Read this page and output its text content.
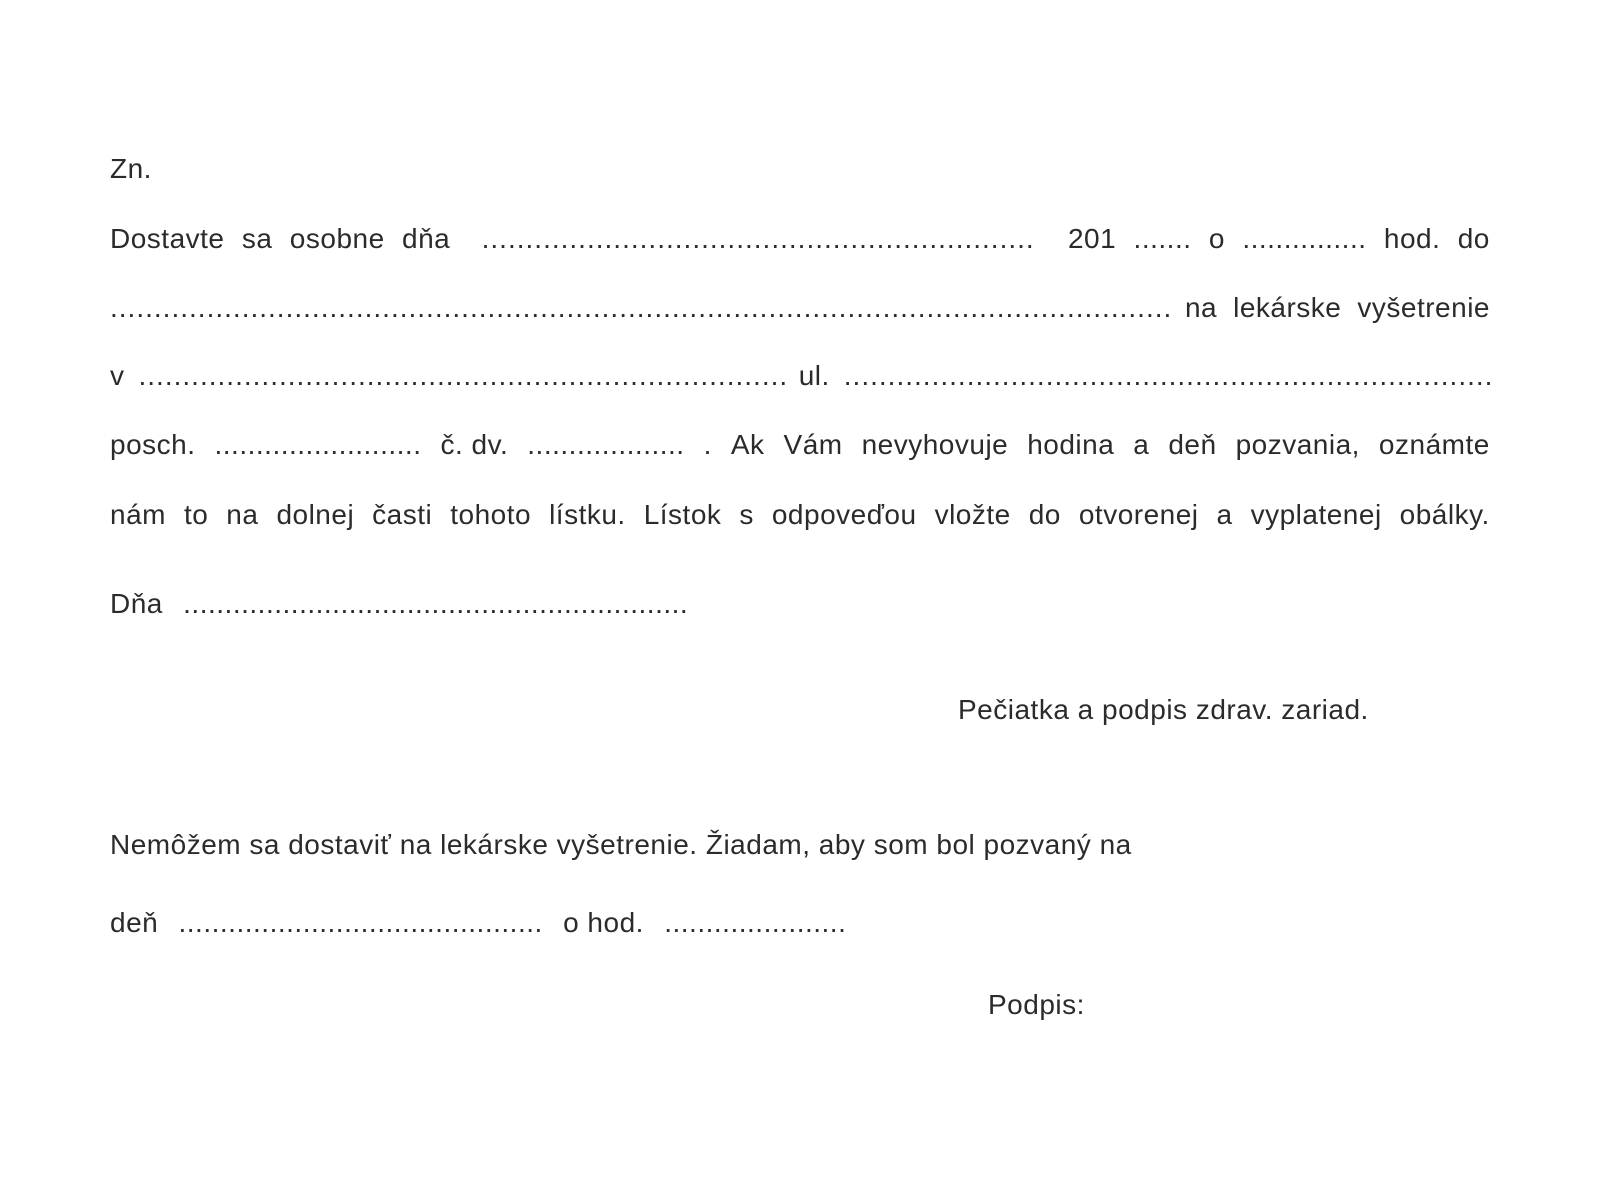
Zn.
Dostavte sa osobne dňa .....	201 ....... o ............... hod. do
.....
na lekárske vyšetrenie
v .....	ul.
.....
posch. ......................... č. dv. ................... . Ak Vám nevyhovuje hodina a deň pozvania, oznámte
nám to na dolnej časti tohoto lístku. Lístok s odpoveďou vložte do otvorenej a vyplatenej obálky.
Dňa .............................................................
Pečiatka a podpis zdrav. zariad.
Nemôžem sa dostaviť na lekárske vyšetrenie. Žiadam, aby som bol pozvaný na
deň ............................................ o hod. ......................
Podpis:
